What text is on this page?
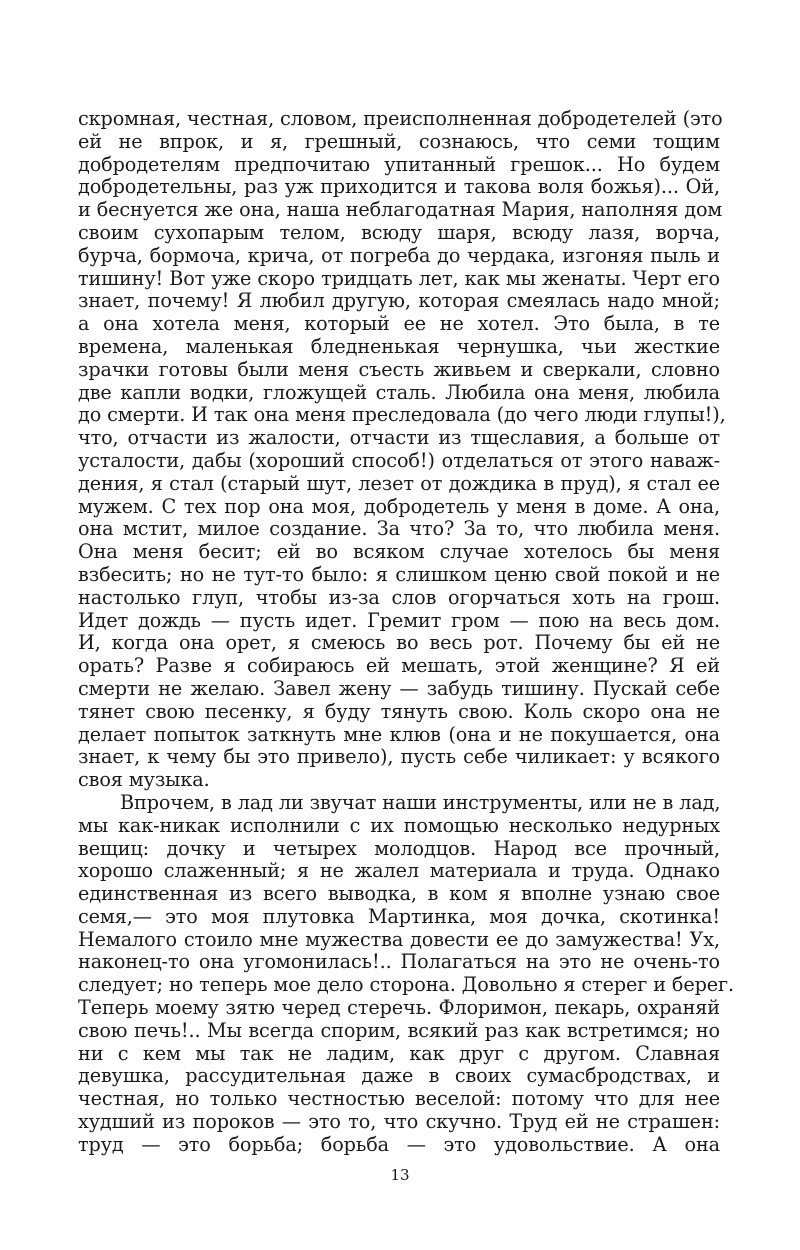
скромная, честная, словом, преисполненная добродетелей (это
ей не впрок, и я, грешный, сознаюсь, что семи тощим
добродетелям предпочитаю упитанный грешок... Но будем
добродетельны, раз уж приходится и такова воля божья)... Ой,
и беснуется же она, наша неблагодатная Мария, наполняя дом
своим сухопарым телом, всюду шаря, всюду лазя, ворча,
бурча, бормоча, крича, от погреба до чердака, изгоняя пыль и
тишину! Вот уже скоро тридцать лет, как мы женаты. Черт его
знает, почему! Я любил другую, которая смеялась надо мной;
а она хотела меня, который ее не хотел. Это была, в те
времена, маленькая бледненькая чернушка, чьи жесткие
зрачки готовы были меня съесть живьем и сверкали, словно
две капли водки, гложущей сталь. Любила она меня, любила
до смерти. И так она меня преследовала (до чего люди глупы!),
что, отчасти из жалости, отчасти из тщеславия, а больше от
усталости, дабы (хороший способ!) отделаться от этого наваж-
дения, я стал (старый шут, лезет от дождика в пруд), я стал ее
мужем. С тех пор она моя, добродетель у меня в доме. А она,
она мстит, милое создание. За что? За то, что любила меня.
Она меня бесит; ей во всяком случае хотелось бы меня
взбесить; но не тут-то было: я слишком ценю свой покой и не
настолько глуп, чтобы из-за слов огорчаться хоть на грош.
Идет дождь — пусть идет. Гремит гром — пою на весь дом.
И, когда она орет, я смеюсь во весь рот. Почему бы ей не
орать? Разве я собираюсь ей мешать, этой женщине? Я ей
смерти не желаю. Завел жену — забудь тишину. Пускай себе
тянет свою песенку, я буду тянуть свою. Коль скоро она не
делает попыток заткнуть мне клюв (она и не покушается, она
знает, к чему бы это привело), пусть себе чиликает: у всякого
своя музыка.
Впрочем, в лад ли звучат наши инструменты, или не в лад,
мы как-никак исполнили с их помощью несколько недурных
вещиц: дочку и четырех молодцов. Народ все прочный,
хорошо слаженный; я не жалел материала и труда. Однако
единственная из всего выводка, в ком я вполне узнаю свое
семя,— это моя плутовка Мартинка, моя дочка, скотинка!
Немалого стоило мне мужества довести ее до замужества! Ух,
наконец-то она угомонилась!.. Полагаться на это не очень-то
следует; но теперь мое дело сторона. Довольно я стерег и берег.
Теперь моему зятю черед стеречь. Флоримон, пекарь, охраняй
свою печь!.. Мы всегда спорим, всякий раз как встретимся; но
ни с кем мы так не ладим, как друг с другом. Славная
девушка, рассудительная даже в своих сумасбродствах, и
честная, но только честностью веселой: потому что для нее
худший из пороков — это то, что скучно. Труд ей не страшен:
труд — это борьба; борьба — это удовольствие. А она
13
